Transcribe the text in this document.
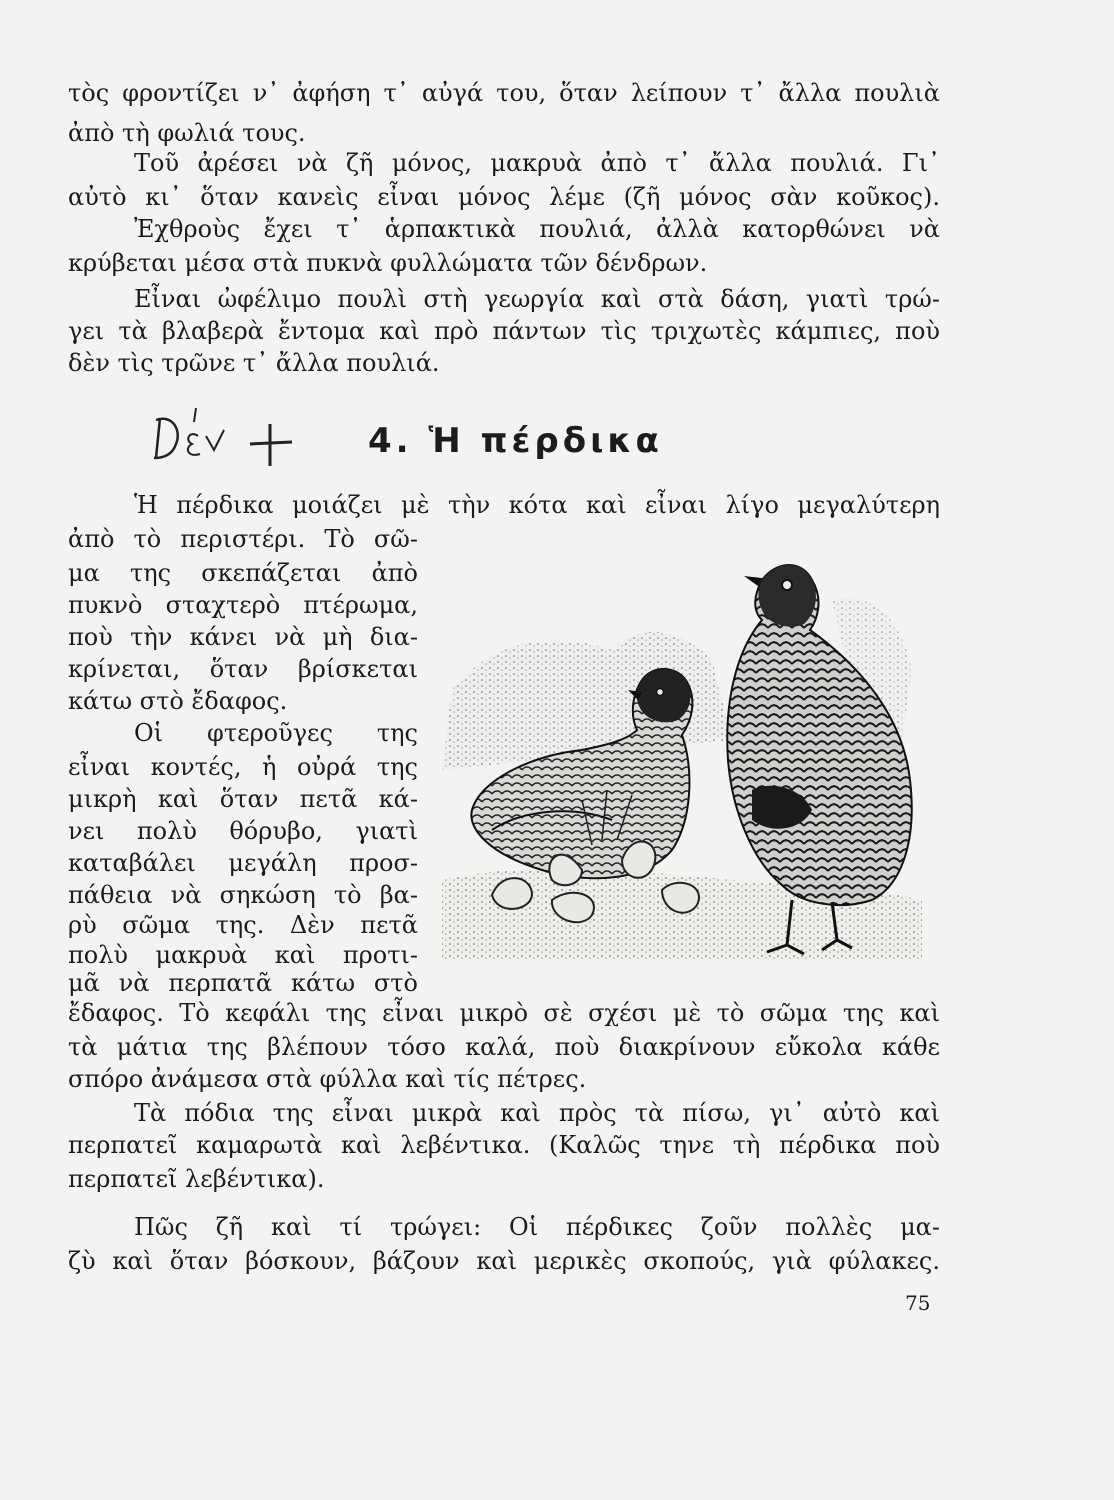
τὸς φροντίζει ν᾿ ἀφήση τ᾿ αὐγά του, ὅταν λείπουν τ᾿ ἄλλα πουλιὰ
ἀπὸ τὴ φωλιά τους.
Τοῦ ἀρέσει νὰ ζῆ μόνος, μακρυὰ ἀπὸ τ᾿ ἄλλα πουλιά. Γι᾿
αὐτὸ κι᾿ ὅταν κανεὶς εἶναι μόνος λέμε (ζῆ μόνος σὰν κοῦκος).
Ἐχθροὺς ἔχει τ᾿ ἁρπακτικὰ πουλιά, ἀλλὰ κατορθώνει νὰ
κρύβεται μέσα στὰ πυκνὰ φυλλώματα τῶν δένδρων.
Εἶναι ὠφέλιμο πουλὶ στὴ γεωργία καὶ στὰ δάση, γιατὶ τρώ-
γει τὰ βλαβερὰ ἔντομα καὶ πρὸ πάντων τὶς τριχωτὲς κάμπιες, ποὺ
δὲν τὶς τρῶνε τ᾿ ἄλλα πουλιά.
4. Ἡ πέρδικα
Ἡ πέρδικα μοιάζει μὲ τὴν κότα καὶ εἶναι λίγο μεγαλύτερη
ἀπὸ τὸ περιστέρι. Τὸ σῶ-
μα της σκεπάζεται ἀπὸ
πυκνὸ σταχτερὸ πτέρωμα,
ποὺ τὴν κάνει νὰ μὴ δια-
κρίνεται, ὅταν βρίσκεται
κάτω στὸ ἔδαφος.
Οἱ φτεροῦγες της
εἶναι κοντές, ἡ οὐρά της
μικρὴ καὶ ὅταν πετᾶ κά-
νει πολὺ θόρυβο, γιατὶ
καταβάλει μεγάλη προσ-
πάθεια νὰ σηκώση τὸ βα-
ρὺ σῶμα της. Δὲν πετᾶ
πολὺ μακρυὰ καὶ προτι-
μᾶ νὰ περπατᾶ κάτω στὸ
ἔδαφος. Τὸ κεφάλι της εἶναι μικρὸ σὲ σχέσι μὲ τὸ σῶμα της καὶ
τὰ μάτια της βλέπουν τόσο καλά, ποὺ διακρίνουν εὔκολα κάθε
σπόρο ἀνάμεσα στὰ φύλλα καὶ τίς πέτρες.
Τὰ πόδια της εἶναι μικρὰ καὶ πρὸς τὰ πίσω, γι᾿ αὐτὸ καὶ
περπατεῖ καμαρωτὰ καὶ λεβέντικα. (Καλῶς τηνε τὴ πέρδικα ποὺ
περπατεῖ λεβέντικα).
Πῶς ζῆ καὶ τί τρώγει: Οἱ πέρδικες ζοῦν πολλὲς μα-
ζὺ καὶ ὅταν βόσκουν, βάζουν καὶ μερικὲς σκοπούς, γιὰ φύλακες.
75
